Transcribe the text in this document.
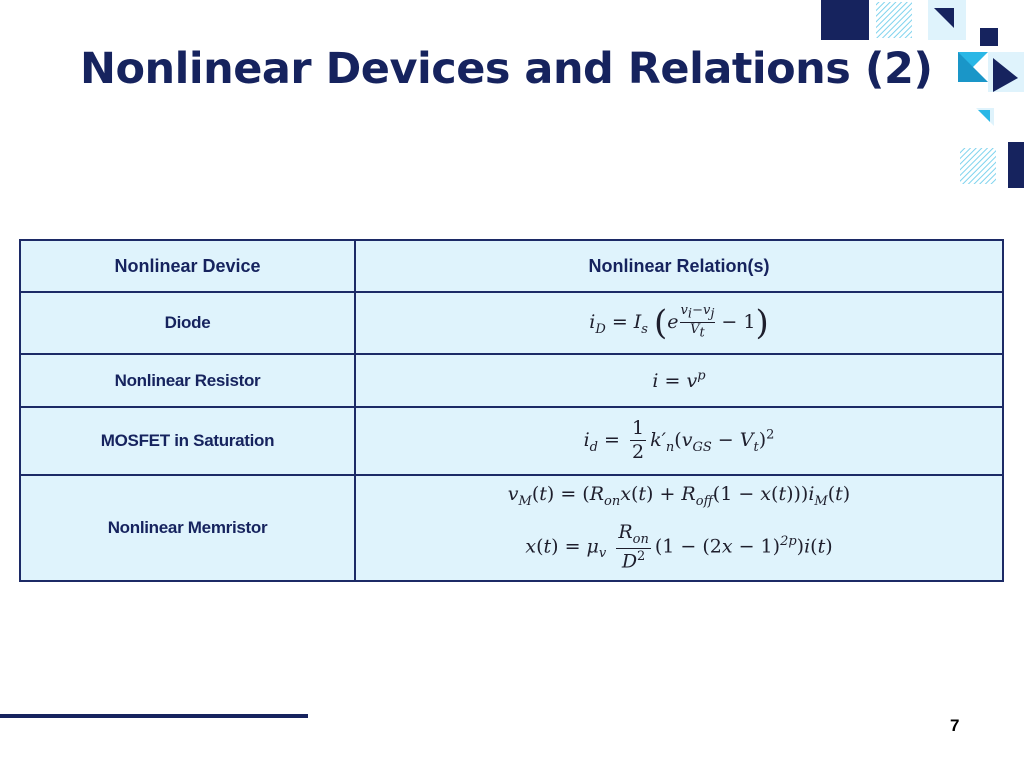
Nonlinear Devices and Relations (2)
Nonlinear Device	Nonlinear Relation(s)
Diode	$i_D = I_s$ $(e \frac{v_i-v_j}{V_t} - 1)$
Nonlinear Resistor	$i = v^p$
MOSFET in Saturation	$i_d = \frac{1}{2} k'_n(v_{GS} - V_t)^2$
Nonlinear Memristor	$v_M(t) = (R_{on}x(t) + R_{off}(1 - x(t)))i_M(t)$
$x(t) = \mu_v \frac{R_{on}}{D^2} (1 - (2x - 1)^{2p})i(t)$
7
